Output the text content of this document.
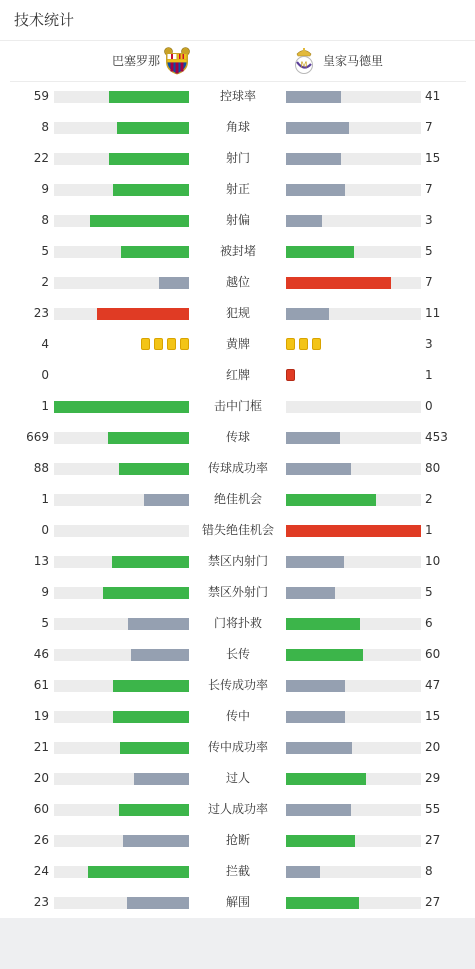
技术统计
巴塞罗那	M 皇家马德里
59	控球率	41
8	角球	7
22	射门	15
9	射正	7
8	射偏	3
5	被封堵	5
2	越位	7
23	犯规	11
4	黄牌	3
0	红牌	1
1	击中门框	0
669	传球	453
88	传球成功率	80
1	绝佳机会	2
0	错失绝佳机会	1
13	禁区内射门	10
9	禁区外射门	5
5	门将扑救	6
46	长传	60
61	长传成功率	47
19	传中	15
21	传中成功率	20
20	过人	29
60	过人成功率	55
26	抢断	27
24	拦截	8
23	解围	27
